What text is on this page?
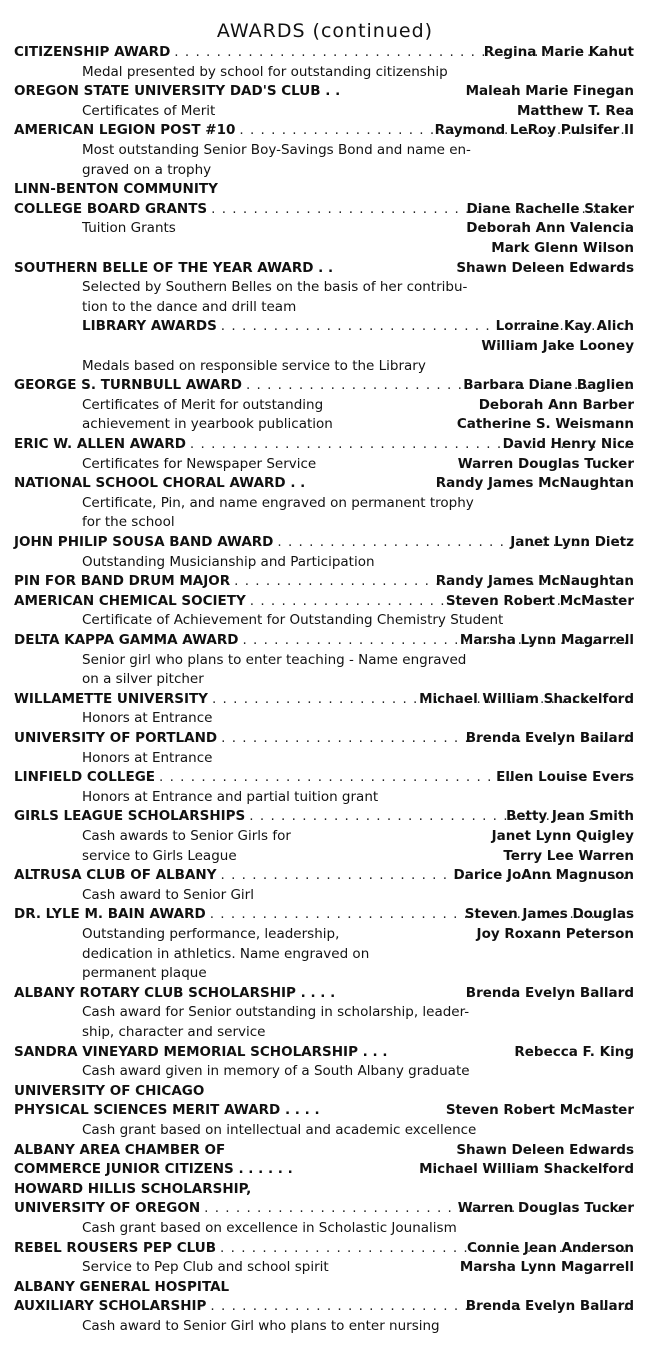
AWARDS (continued)
CITIZENSHIP AWARD . . .	Regina Marie Kahut
Medal presented by school for outstanding citizenship
OREGON STATE UNIVERSITY DAD'S CLUB . .	Maleah Marie Finegan
Certificates of Merit	Matthew T. Rea
AMERICAN LEGION POST #10 . . .	Raymond LeRoy Pulsifer II
Most outstanding Senior Boy-Savings Bond and name en-
graved on a trophy
LINN-BENTON COMMUNITY
COLLEGE BOARD GRANTS . . .	Diane Rachelle Staker
Tuition Grants	Deborah Ann Valencia
Mark Glenn Wilson
SOUTHERN BELLE OF THE YEAR AWARD . .	Shawn Deleen Edwards
Selected by Southern Belles on the basis of her contribu-
tion to the dance and drill team
LIBRARY AWARDS . . .	Lorraine Kay Alich
William Jake Looney
Medals based on responsible service to the Library
GEORGE S. TURNBULL AWARD . . .	Barbara Diane Baglien
Certificates of Merit for outstanding	Deborah Ann Barber
achievement in yearbook publication	Catherine S. Weismann
ERIC W. ALLEN AWARD . . .	David Henry Nice
Certificates for Newspaper Service	Warren Douglas Tucker
NATIONAL SCHOOL CHORAL AWARD . .	Randy James McNaughtan
Certificate, Pin, and name engraved on permanent trophy
for the school
JOHN PHILIP SOUSA BAND AWARD . . .	Janet Lynn Dietz
Outstanding Musicianship and Participation
PIN FOR BAND DRUM MAJOR . . .	Randy James McNaughtan
AMERICAN CHEMICAL SOCIETY . . .	Steven Robert McMaster
Certificate of Achievement for Outstanding Chemistry Student
DELTA KAPPA GAMMA AWARD . . .	Marsha Lynn Magarrell
Senior girl who plans to enter teaching - Name engraved
on a silver pitcher
WILLAMETTE UNIVERSITY . . .	Michael William Shackelford
Honors at Entrance
UNIVERSITY OF PORTLAND . . .	Brenda Evelyn Bailard
Honors at Entrance
LINFIELD COLLEGE . . .	Ellen Louise Evers
Honors at Entrance and partial tuition grant
GIRLS LEAGUE SCHOLARSHIPS . . .	Betty Jean Smith
Cash awards to Senior Girls for	Janet Lynn Quigley
service to Girls League	Terry Lee Warren
ALTRUSA CLUB OF ALBANY . . .	Darice JoAnn Magnuson
Cash award to Senior Girl
DR. LYLE M. BAIN AWARD . . .	Steven James Douglas
Outstanding performance, leadership,	Joy Roxann Peterson
dedication in athletics. Name engraved on
permanent plaque
ALBANY ROTARY CLUB SCHOLARSHIP . . . .	Brenda Evelyn Ballard
Cash award for Senior outstanding in scholarship, leader-
ship, character and service
SANDRA VINEYARD MEMORIAL SCHOLARSHIP . . .	Rebecca F. King
Cash award given in memory of a South Albany graduate
UNIVERSITY OF CHICAGO
PHYSICAL SCIENCES MERIT AWARD . . . .	Steven Robert McMaster
Cash grant based on intellectual and academic excellence
ALBANY AREA CHAMBER OF	Shawn Deleen Edwards
COMMERCE JUNIOR CITIZENS . . . . . .	Michael William Shackelford
HOWARD HILLIS SCHOLARSHIP,
UNIVERSITY OF OREGON . . .	Warren Douglas Tucker
Cash grant based on excellence in Scholastic Jounalism
REBEL ROUSERS PEP CLUB . . .	Connie Jean Anderson
Service to Pep Club and school spirit	Marsha Lynn Magarrell
ALBANY GENERAL HOSPITAL
AUXILIARY SCHOLARSHIP . . .	Brenda Evelyn Ballard
Cash award to Senior Girl who plans to enter nursing
